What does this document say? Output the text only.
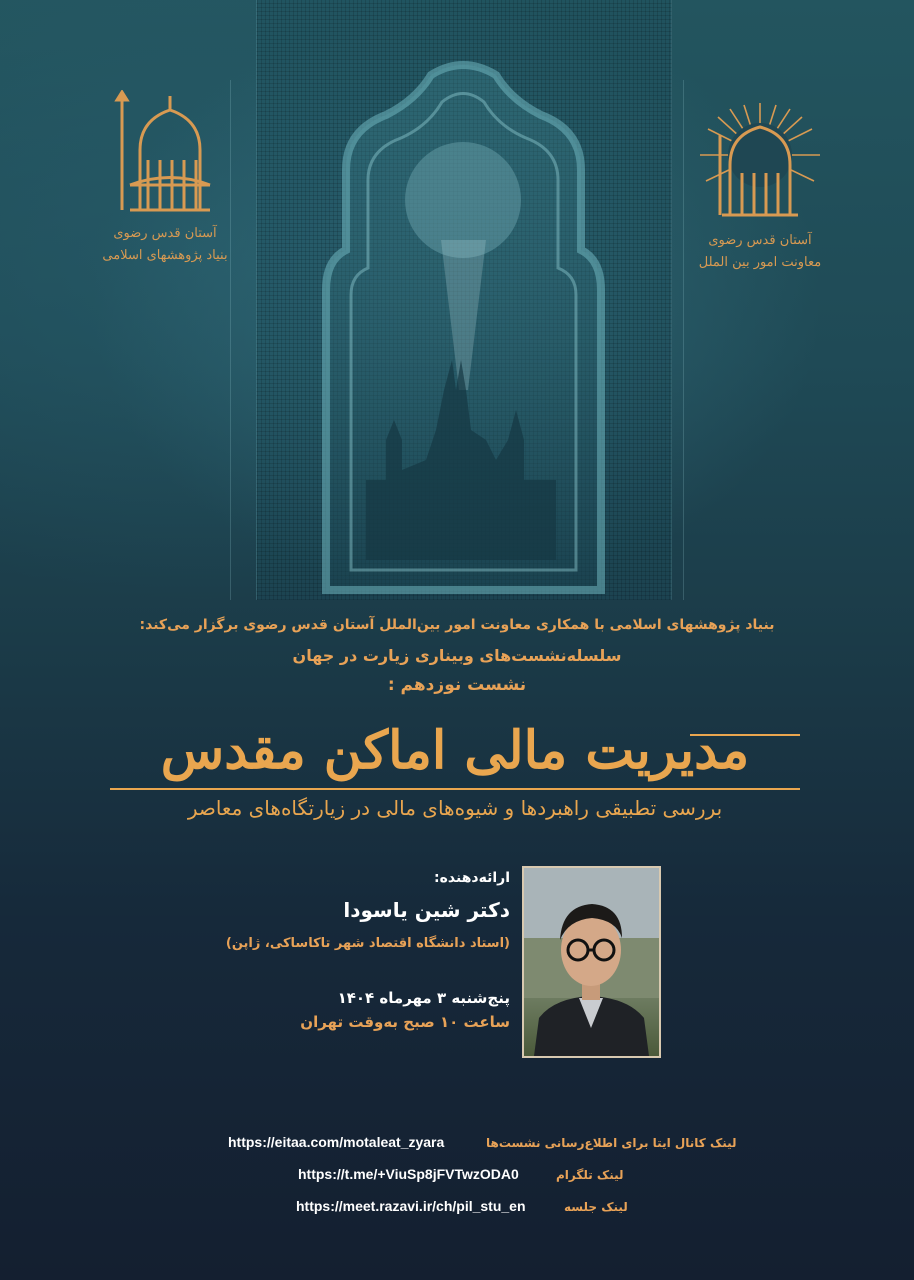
آستان قدس رضوی
بنیاد پژوهشهای اسلامی
آستان قدس رضوی
معاونت امور بین الملل
بنیاد پژوهشهای اسلامی با همکاری معاونت امور بین‌الملل آستان قدس رضوی برگزار می‌کند:
سلسله‌نشست‌های وبیناری زیارت در جهان
نشست نوزدهم :
مدیریت مالی اماکن مقدس
بررسی تطبیقی راهبردها و شیوه‌های مالی در زیارتگاه‌های معاصر
ارائه‌دهنده:
دکتر شین یاسودا
(استاد دانشگاه اقتصاد شهر تاکاساکی، ژاپن)
پنج‌شنبه ۳ مهرماه ۱۴۰۴
ساعت ۱۰ صبح به‌وقت تهران
https://eitaa.com/motaleat_zyara	لینک کانال ایتا برای اطلاع‌رسانی نشست‌ها
https://t.me/+ViuSp8jFVTwzODA0	لینک تلگرام
https://meet.razavi.ir/ch/pil_stu_en	لینک جلسه
